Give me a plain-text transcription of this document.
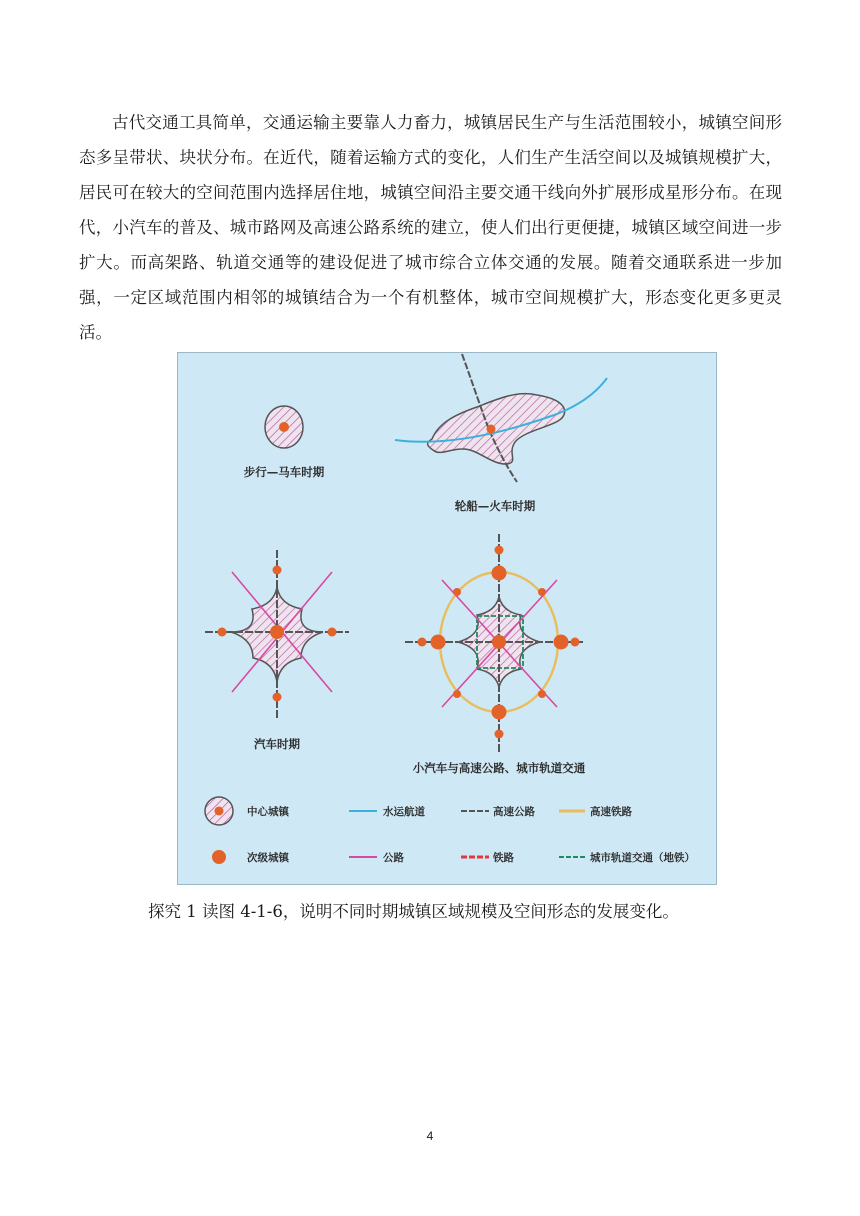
古代交通工具简单，交通运输主要靠人力畜力，城镇居民生产与生活范围较小，城镇空间形态多呈带状、块状分布。在近代，随着运输方式的变化，人们生产生活空间以及城镇规模扩大，居民可在较大的空间范围内选择居住地，城镇空间沿主要交通干线向外扩展形成星形分布。在现代，小汽车的普及、城市路网及高速公路系统的建立，使人们出行更便捷，城镇区域空间进一步扩大。而高架路、轨道交通等的建设促进了城市综合立体交通的发展。随着交通联系进一步加强，一定区域范围内相邻的城镇结合为一个有机整体，城市空间规模扩大，形态变化更多更灵活。

步行—马车时期
轮船—火车时期
汽车时期
小汽车与高速公路、城市轨道交通
中心城镇
次级城镇
水运航道
公路
高速公路
铁路
高速铁路
城市轨道交通（地铁）
探究 1 读图 4-1-6，说明不同时期城镇区域规模及空间形态的发展变化。
4
